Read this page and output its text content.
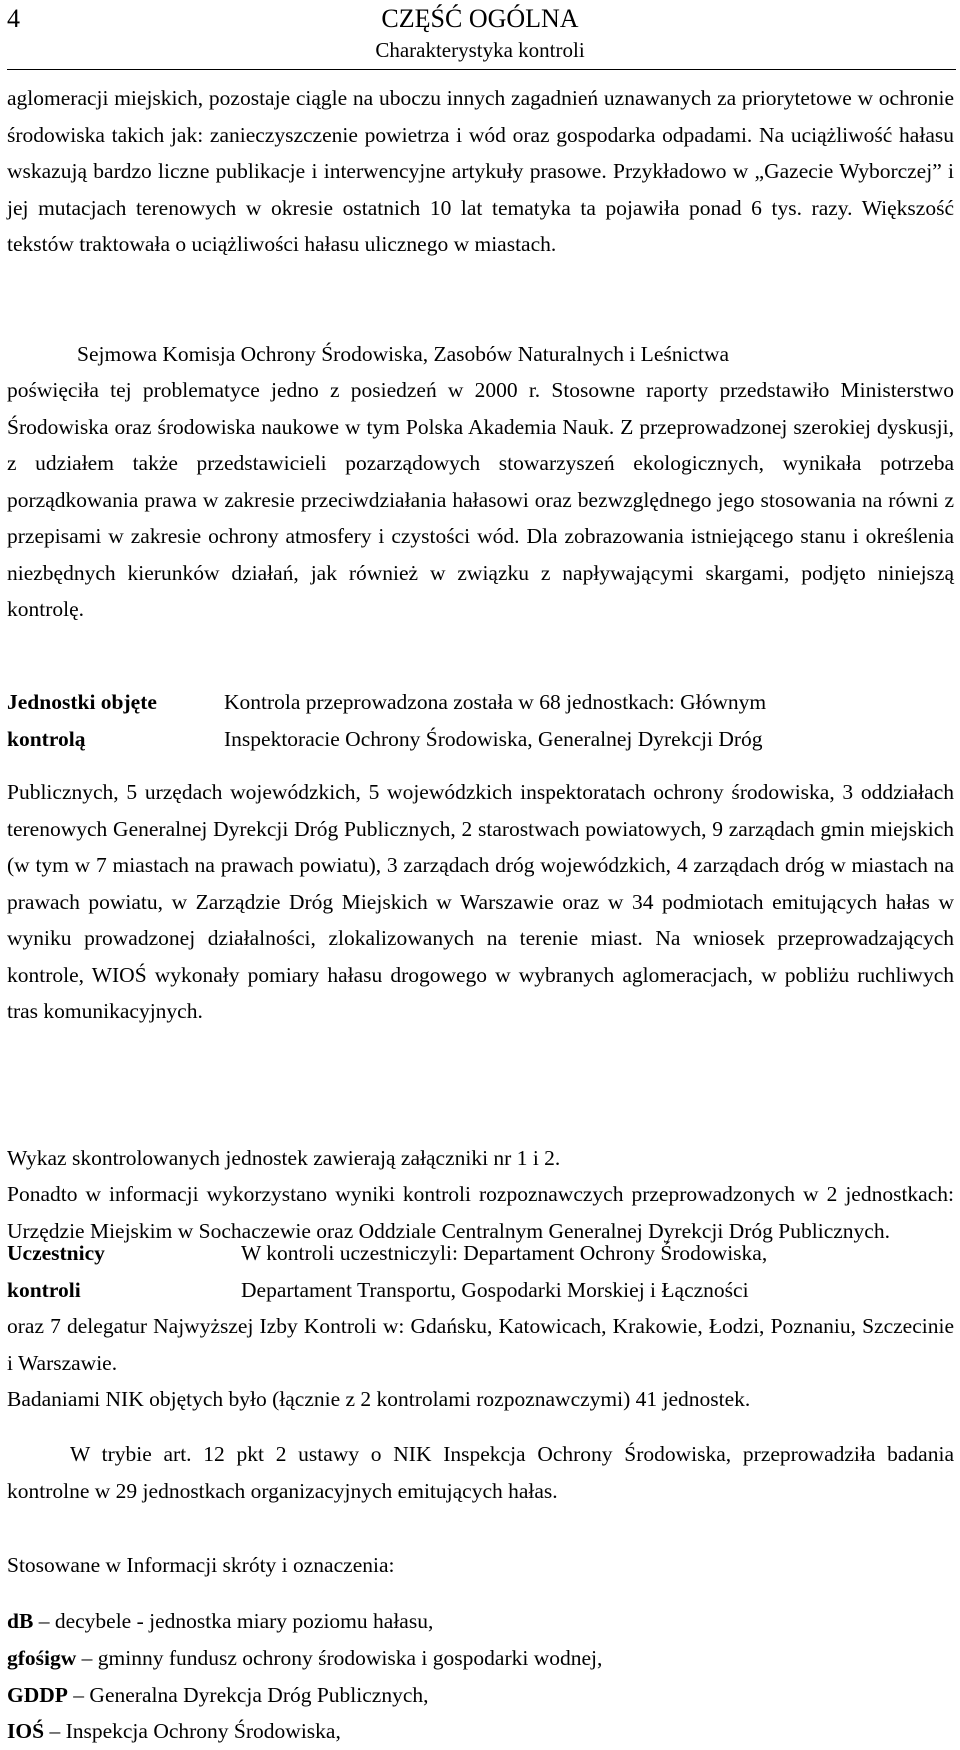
4	CZĘŚĆ OGÓLNA
Charakterystyka kontroli

aglomeracji miejskich, pozostaje ciągle na uboczu innych zagadnień uznawanych za priorytetowe w ochronie środowiska takich jak: zanieczyszczenie powietrza i wód oraz gospodarka odpadami. Na uciążliwość hałasu wskazują bardzo liczne publikacje i interwencyjne artykuły prasowe. Przykładowo w „Gazecie Wyborczej” i jej mutacjach terenowych w okresie ostatnich 10 lat tematyka ta pojawiła ponad 6 tys. razy. Większość tekstów traktowała o uciążliwości hałasu ulicznego w miastach.

Sejmowa Komisja Ochrony Środowiska, Zasobów Naturalnych i Leśnictwa

poświęciła tej problematyce jedno z posiedzeń w 2000 r. Stosowne raporty przedstawiło Ministerstwo Środowiska oraz środowiska naukowe w tym Polska Akademia Nauk. Z przeprowadzonej szerokiej dyskusji, z udziałem także przedstawicieli pozarządowych stowarzyszeń ekologicznych, wynikała potrzeba porządkowania prawa w zakresie przeciwdziałania hałasowi oraz bezwzględnego jego stosowania na równi z przepisami w zakresie ochrony atmosfery i czystości wód. Dla zobrazowania istniejącego stanu i określenia niezbędnych kierunków działań, jak również w związku z napływającymi skargami, podjęto niniejszą kontrolę.

Jednostki objęte
kontrolą
Kontrola przeprowadzona została w 68 jednostkach: Głównym
Inspektoracie Ochrony Środowiska, Generalnej Dyrekcji Dróg

Publicznych, 5 urzędach wojewódzkich, 5 wojewódzkich inspektoratach ochrony środowiska, 3 oddziałach terenowych Generalnej Dyrekcji Dróg Publicznych, 2 starostwach powiatowych, 9 zarządach gmin miejskich (w tym w 7 miastach na prawach powiatu), 3 zarządach dróg wojewódzkich, 4 zarządach dróg w miastach na prawach powiatu, w Zarządzie Dróg Miejskich w Warszawie oraz w 34 podmiotach emitujących hałas w wyniku prowadzonej działalności, zlokalizowanych na terenie miast. Na wniosek przeprowadzających kontrole, WIOŚ wykonały pomiary hałasu drogowego w wybranych aglomeracjach, w pobliżu ruchliwych tras komunikacyjnych.

Wykaz skontrolowanych jednostek zawierają załączniki nr 1 i 2.

Ponadto w informacji wykorzystano wyniki kontroli rozpoznawczych przeprowadzonych w 2 jednostkach: Urzędzie Miejskim w Sochaczewie oraz Oddziale Centralnym Generalnej Dyrekcji Dróg Publicznych.

Uczestnicy
kontroli
W kontroli uczestniczyli: Departament Ochrony Środowiska,
Departament Transportu, Gospodarki Morskiej i Łączności

oraz 7 delegatur Najwyższej Izby Kontroli w: Gdańsku, Katowicach, Krakowie, Łodzi, Poznaniu, Szczecinie i Warszawie.

Badaniami NIK objętych było (łącznie z 2 kontrolami rozpoznawczymi) 41 jednostek.

W trybie art. 12 pkt 2 ustawy o NIK Inspekcja Ochrony Środowiska, przeprowadziła badania kontrolne w 29 jednostkach organizacyjnych emitujących hałas.

Stosowane w Informacji skróty i oznaczenia:

dB – decybele - jednostka miary poziomu hałasu,
gfośigw – gminny fundusz ochrony środowiska i gospodarki wodnej,
GDDP – Generalna Dyrekcja Dróg Publicznych,
IOŚ – Inspekcja Ochrony Środowiska,
